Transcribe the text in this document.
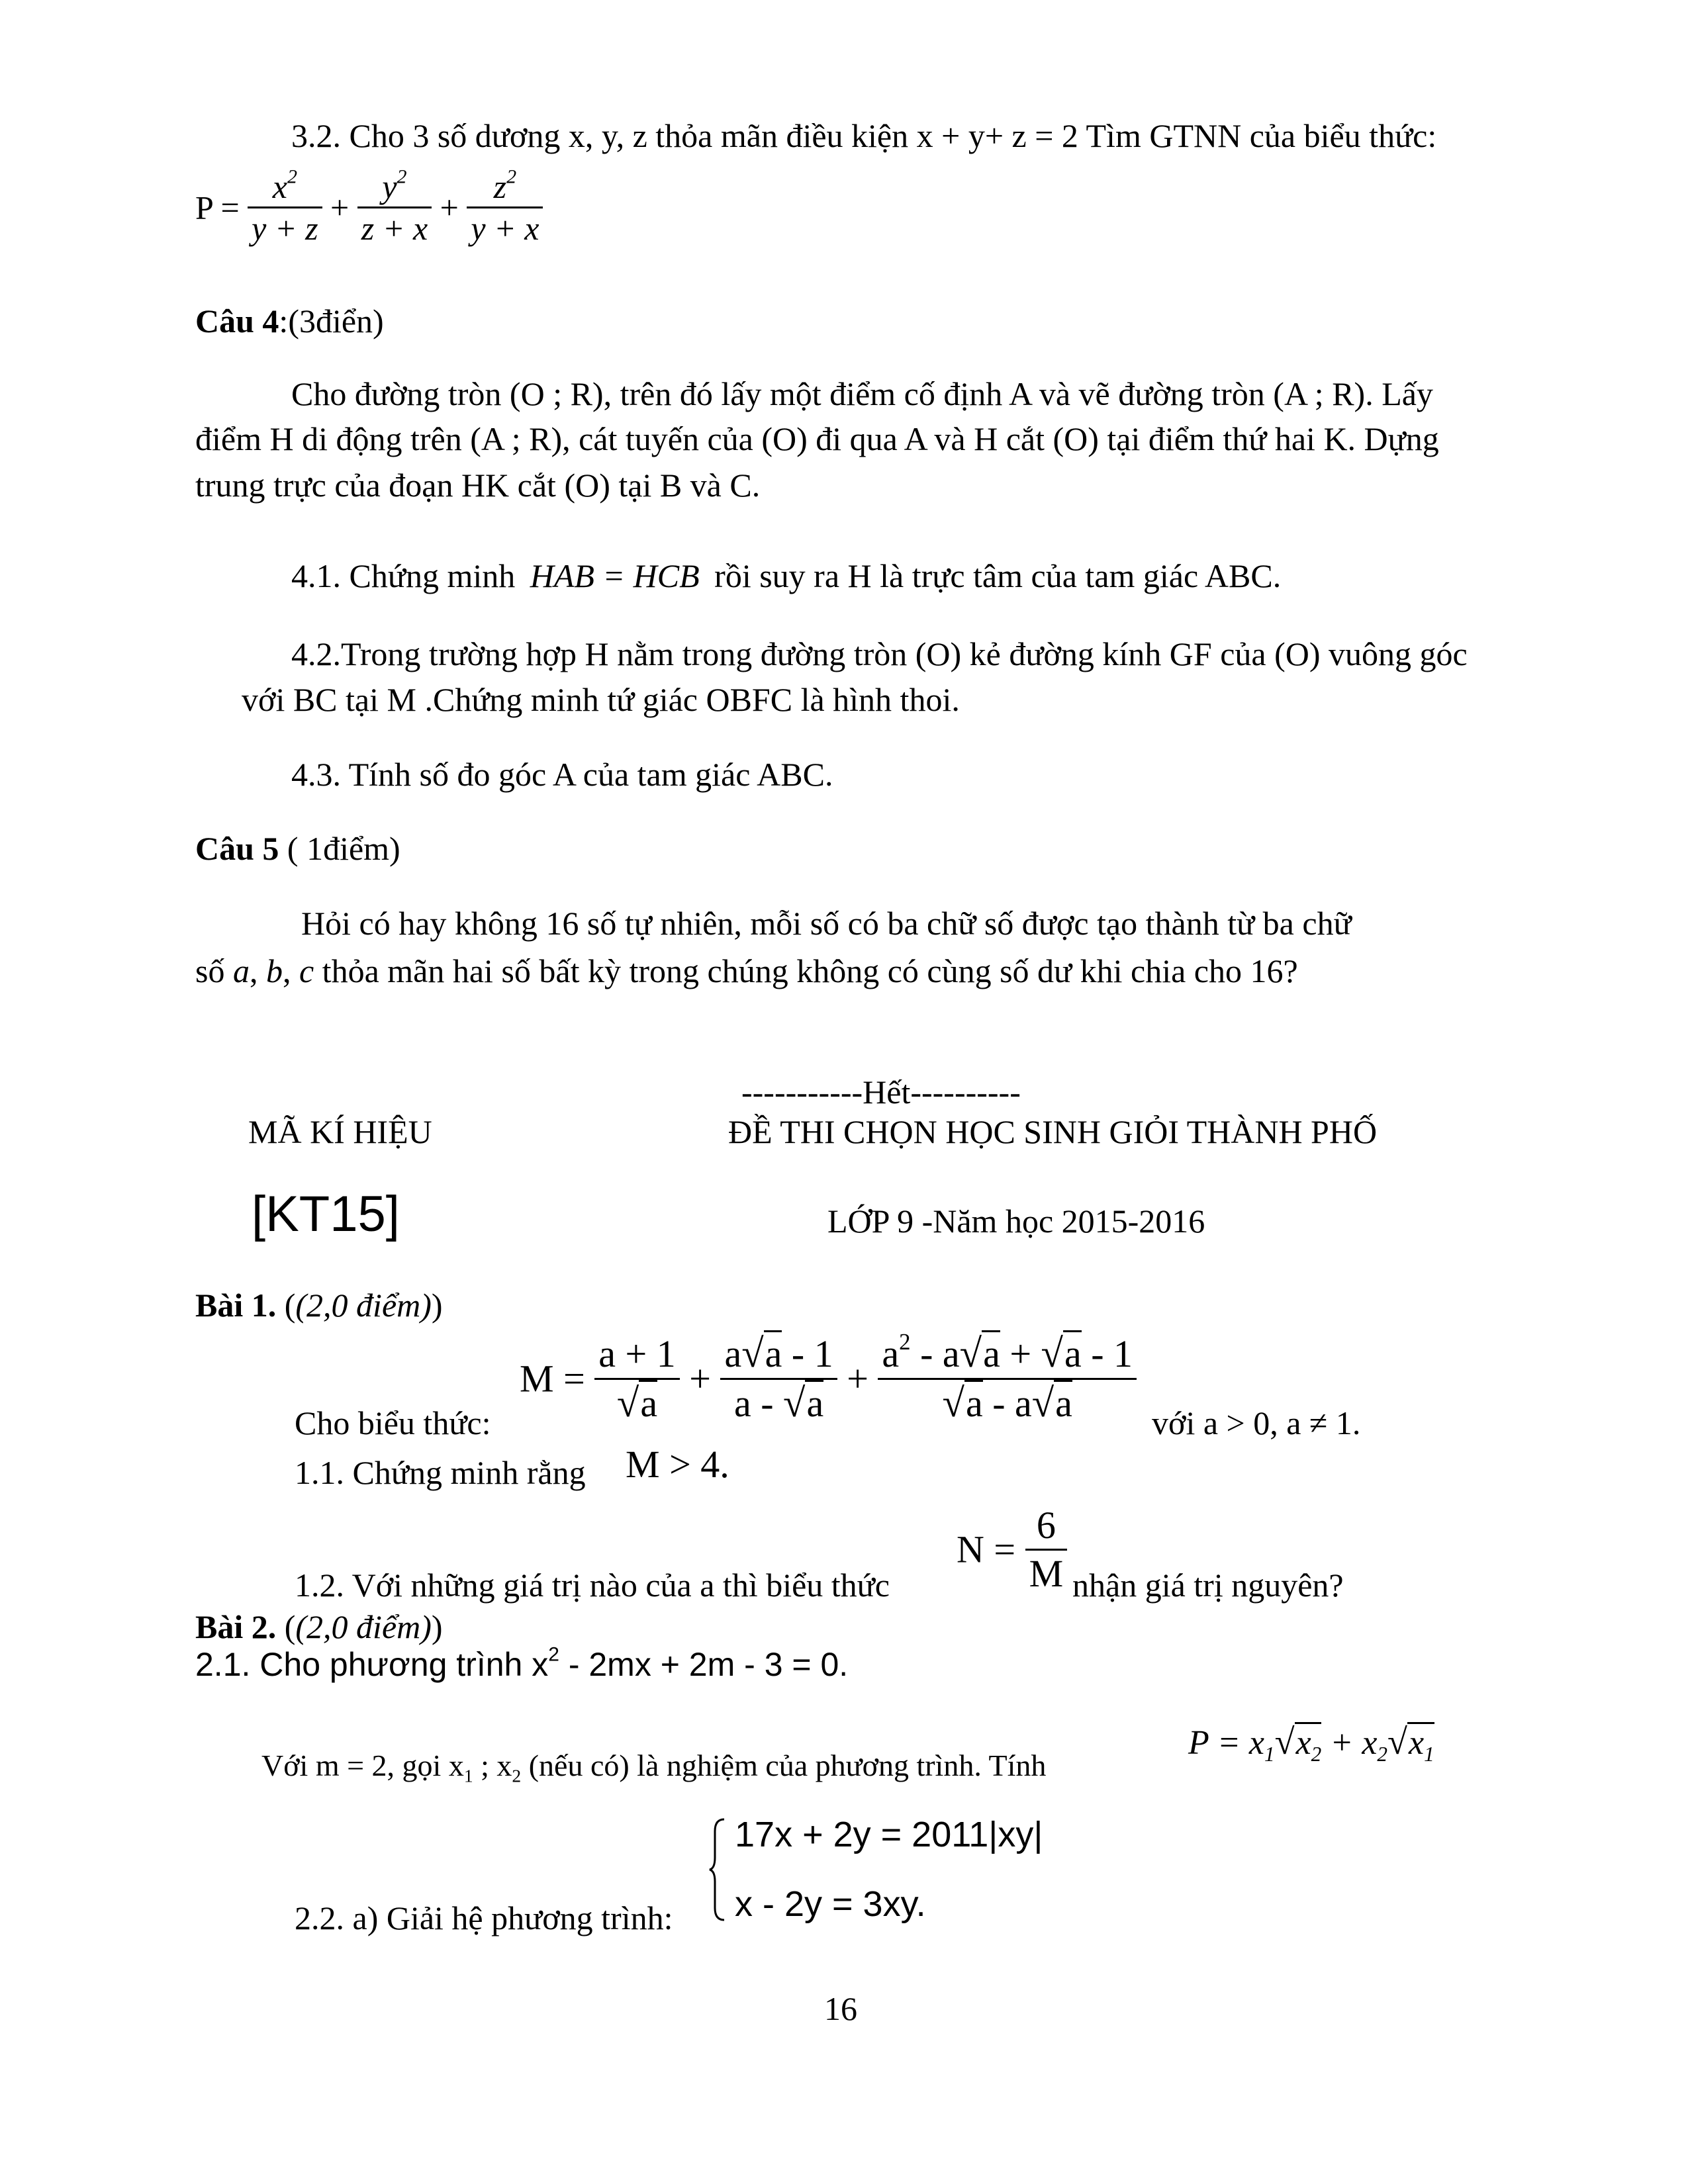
3.2. Cho 3 số dương x, y, z thỏa mãn điều kiện x + y+ z = 2 Tìm GTNN của biểu thức:
$P = \frac{x^2}{y + z} + \frac{y^2}{z + x} + \frac{z^2}{y + x}$
Câu 4:(3điển)
Cho đường tròn (O ; R), trên đó lấy một điểm cố định A và vẽ đường tròn (A ; R). Lấy
điểm H di động trên (A ; R), cát tuyến của (O) đi qua A và H cắt (O) tại điểm thứ hai K. Dựng
trung trực của đoạn HK cắt (O) tại B và C.
4.1. Chứng minh HAB = HCB rồi suy ra H là trực tâm của tam giác ABC.
4.2.Trong trường hợp H nằm trong đường tròn (O) kẻ đường kính GF của (O) vuông góc
với BC tại M .Chứng minh tứ giác OBFC là hình thoi.
4.3. Tính số đo góc A của tam giác ABC.
Câu 5 ( 1điểm)
Hỏi có hay không 16 số tự nhiên, mỗi số có ba chữ số được tạo thành từ ba chữ
số a, b, c thỏa mãn hai số bất kỳ trong chúng không có cùng số dư khi chia cho 16?
-----------Hết----------
MÃ KÍ HIỆU	ĐỀ THI CHỌN HỌC SINH GIỎI THÀNH PHỐ
[KT15]	LỚP 9 -Năm học 2015-2016
Bài 1. ((2,0 điểm))
Cho biểu thức:
$M = \frac{a + 1}{√a} + \frac{a√a - 1}{a - √a} + \frac{a^2 - a√a + √a - 1}{√a - a√a}$ với a > 0, a ≠ 1.
1.1. Chứng minh rằng M > 4.
$N = \frac{6}{M}$
1.2. Với những giá trị nào của a thì biểu thức	nhận giá trị nguyên?
Bài 2. ((2,0 điểm))
2.1. Cho phương trình $x^2 - 2mx + 2m - 3 = 0$.
Với m = 2, gọi $x_1$ ; $x_2$ (nếu có) là nghiệm của phương trình. Tính
$P = x_1√x_2 + x_2√x_1$
17x + 2y = 2011|xy|
x - 2y = 3xy.
2.2. a) Giải hệ phương trình:
16
